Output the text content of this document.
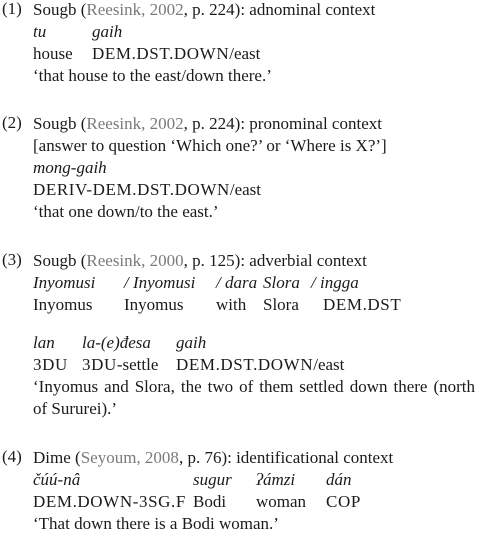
(1) Sougb (Reesink, 2002, p. 224): adnominal context
tu	gaih
house DEM.DST.DOWN/east
‘that house to the east/down there.’
(2) Sougb (Reesink, 2002, p. 224): pronominal context
[answer to question ‘Which one?’ or ‘Where is X?’]
mong-gaih
DERIV-DEM.DST.DOWN/east
‘that one down/to the east.’
(3) Sougb (Reesink, 2000, p. 125): adverbial context
Inyomusi / Inyomusi / dara Slora / ingga
Inyomus Inyomus with Slora DEM.DST
lan la-(e)đesa gaih
3DU 3DU-settle DEM.DST.DOWN/east
‘Inyomus and Slora, the two of them settled down there (north of Sururei).’
(4) Dime (Seyoum, 2008, p. 76): identificational context
čúú-nâ	sugur ʔámzi dán
DEM.DOWN-3SG.F Bodi woman COP
‘That down there is a Bodi woman.’
